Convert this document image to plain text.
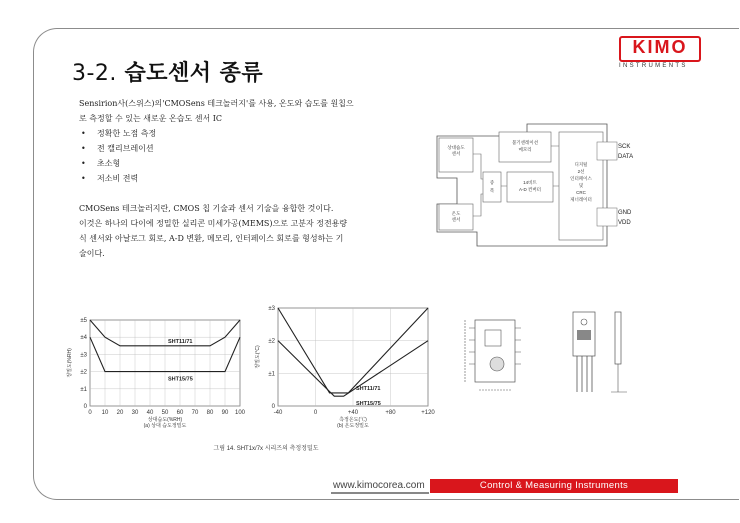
3-2. 습도센서 종류
KIMO
INSTRUMENTS

Sensirion사(스위스)의'CMOSens 테크놀러지'를 사용, 온도와 습도를 원칩으

로 측정할 수 있는 새로운 온습도 센서 IC

• 정확한 노점 측정
• 전 캘리브레이션
• 초소형
• 저소비 전력

CMOSens 테크놀러지란, CMOS 칩 기술과 센서 기술을 융합한 것이다.

이것은 하나의 다이에 정밀한 실리콘 미세가공(MEMS)으로 고분자 정전용량

식 센서와 아날로그 회로, A-D 변환, 메모리, 인터페이스 회로를 형성하는 기

술이다.

상대습도
센서
온도
센서
불기센레이션
메모리
증
폭
14비트
A-D 컨버터
디지털
2선
인터페이스
및
CRC
제너레이터
SCK
DATA
GND
VDD
±5
±4
±3
±2
±1
0
0 10 20 30 40 50 60 70 80 90 100
SHT11/71
SHT15/75
정밀도(%RH)
상대습도(%RH)
(a) 상대 습도정밀도
±3
±2
±1
0
-40	0	+40	+80	+120
SHT11/71
SHT15/75
정밀도(°C)
측정온도(℃)
(b) 온도정밀도
그림 14. SHT1x/7x 시리즈의 측정정밀도
www.kimocorea.com	Control & Measuring Instruments
